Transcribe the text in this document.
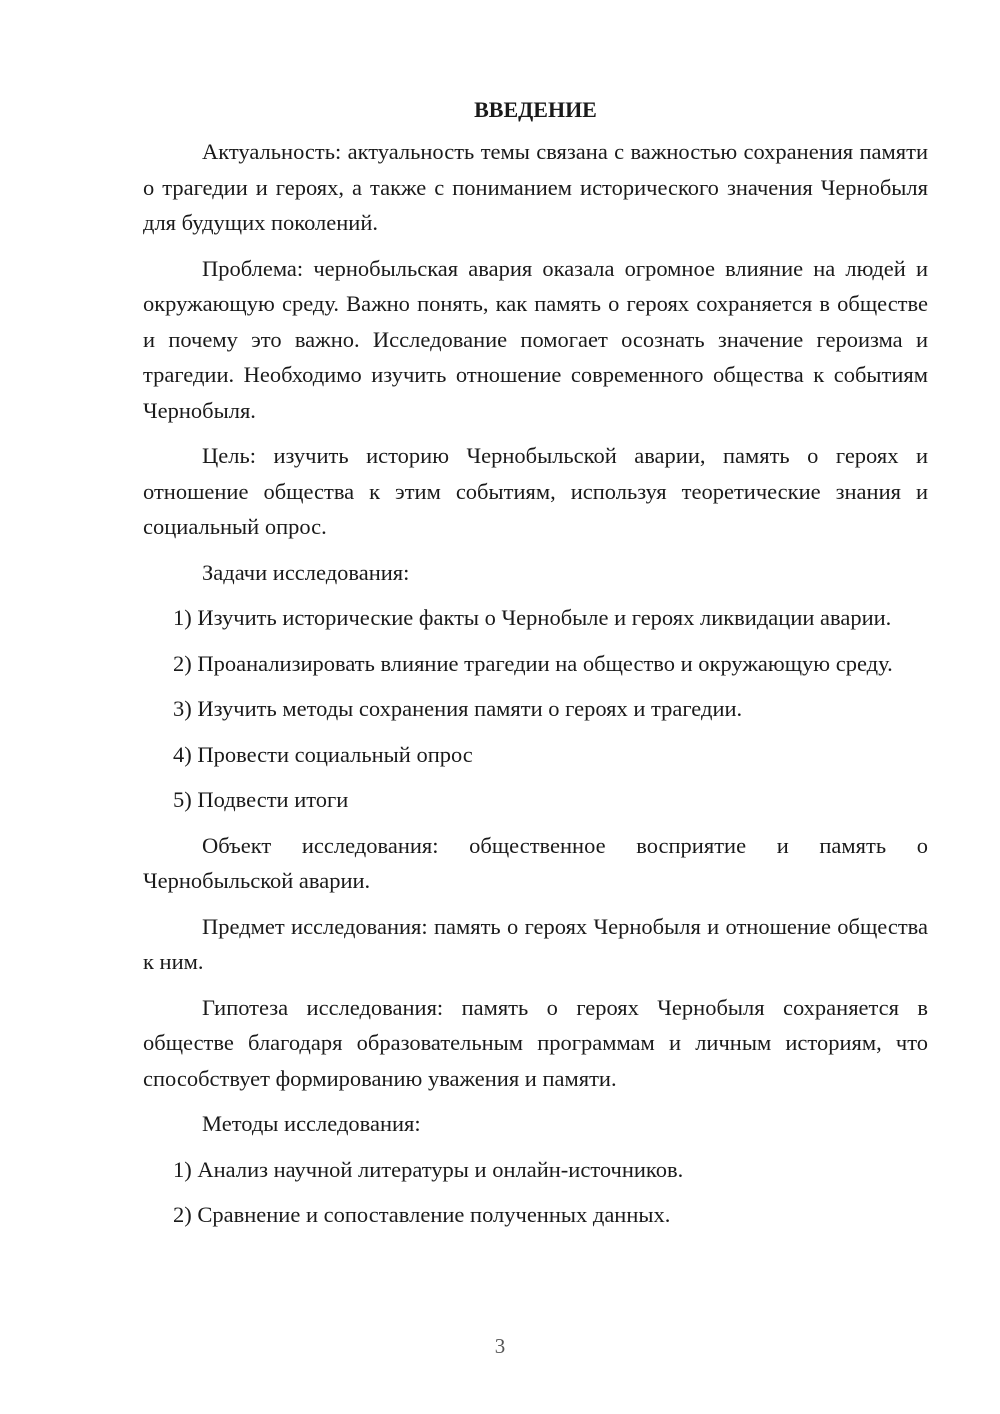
ВВЕДЕНИЕ

Актуальность: актуальность темы связана с важностью сохранения памяти о трагедии и героях, а также с пониманием исторического значения Чернобыля для будущих поколений.

Проблема: чернобыльская авария оказала огромное влияние на людей и окружающую среду. Важно понять, как память о героях сохраняется в обществе и почему это важно. Исследование помогает осознать значение героизма и трагедии. Необходимо изучить отношение современного общества к событиям Чернобыля.

Цель: изучить историю Чернобыльской аварии, память о героях и отношение общества к этим событиям, используя теоретические знания и социальный опрос.

Задачи исследования:

1) Изучить исторические факты о Чернобыле и героях ликвидации аварии.

2) Проанализировать влияние трагедии на общество и окружающую среду.

3) Изучить методы сохранения памяти о героях и трагедии.

4) Провести социальный опрос

5) Подвести итоги

Объект исследования: общественное восприятие и память о Чернобыльской аварии.

Предмет исследования: память о героях Чернобыля и отношение общества к ним.

Гипотеза исследования: память о героях Чернобыля сохраняется в обществе благодаря образовательным программам и личным историям, что способствует формированию уважения и памяти.

Методы исследования:

1) Анализ научной литературы и онлайн-источников.

2) Сравнение и сопоставление полученных данных.

3
